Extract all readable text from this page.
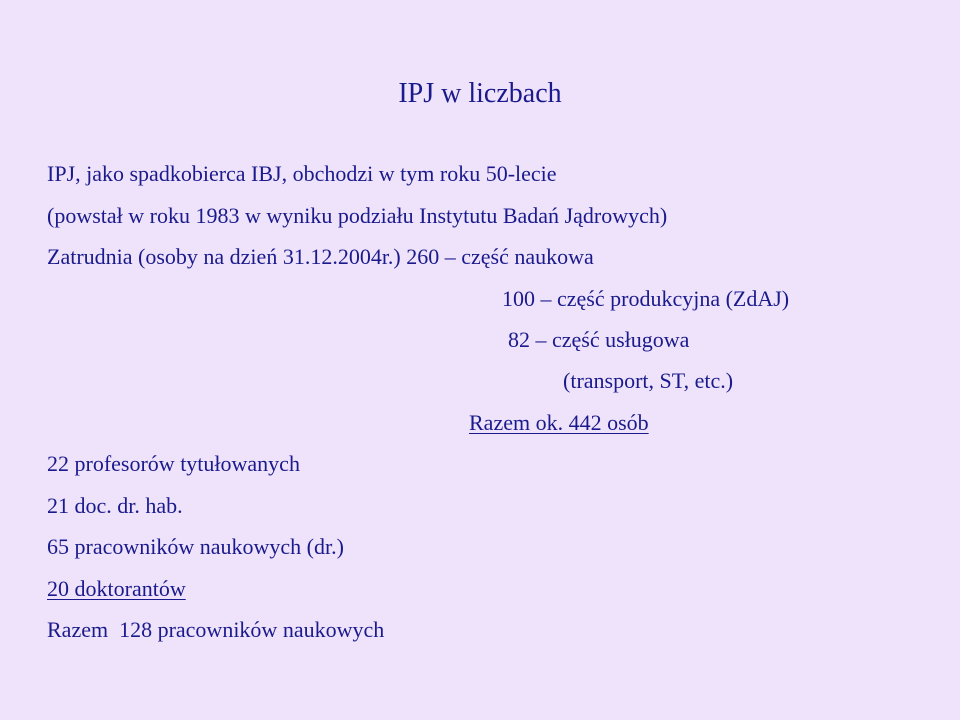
IPJ w liczbach
IPJ, jako spadkobierca IBJ, obchodzi w tym roku 50-lecie
(powstał w roku 1983 w wyniku podziału Instytutu Badań Jądrowych)
Zatrudnia (osoby na dzień 31.12.2004r.) 260 – część naukowa
100 – część produkcyjna (ZdAJ)
82 – część usługowa
(transport, ST, etc.)
Razem ok. 442 osób
22 profesorów tytułowanych
21 doc. dr. hab.
65 pracowników naukowych (dr.)
20 doktorantów
Razem  128 pracowników naukowych
